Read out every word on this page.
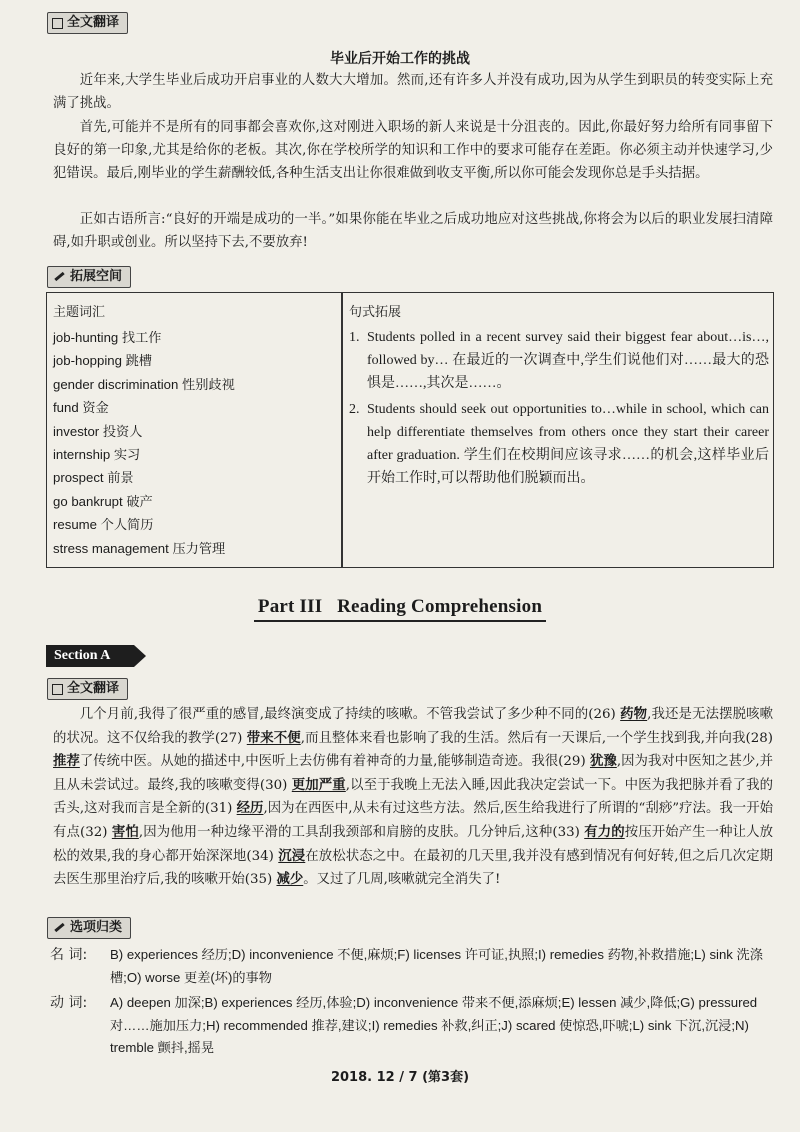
全文翻译
毕业后开始工作的挑战

近年来,大学生毕业后成功开启事业的人数大大增加。然而,还有许多人并没有成功,因为从学生到职员的转变实际上充满了挑战。

首先,可能并不是所有的同事都会喜欢你,这对刚进入职场的新人来说是十分沮丧的。因此,你最好努力给所有同事留下良好的第一印象,尤其是给你的老板。其次,你在学校所学的知识和工作中的要求可能存在差距。你必须主动并快速学习,少犯错误。最后,刚毕业的学生薪酬较低,各种生活支出让你很难做到收支平衡,所以你可能会发现你总是手头拮据。

正如古语所言:“良好的开端是成功的一半。”如果你能在毕业之后成功地应对这些挑战,你将会为以后的职业发展扫清障碍,如升职或创业。所以坚持下去,不要放弃!

拓展空间
主题词汇
job-hunting 找工作
job-hopping 跳槽
gender discrimination 性别歧视
fund 资金
investor 投资人
internship 实习
prospect 前景
go bankrupt 破产
resume 个人简历
stress management 压力管理
句式拓展
1. Students polled in a recent survey said their biggest fear about…is…, followed by… 在最近的一次调查中,学生们说他们对……最大的恐惧是……,其次是……。
2. Students should seek out opportunities to…while in school, which can help differentiate themselves from others once they start their career after graduation. 学生们在校期间应该寻求……的机会,这样毕业后开始工作时,可以帮助他们脱颖而出。
Part III   Reading Comprehension
Section A
全文翻译

几个月前,我得了很严重的感冒,最终演变成了持续的咳嗽。不管我尝试了多少种不同的(26) 药物,我还是无法摆脱咳嗽的状况。这不仅给我的教学(27) 带来不便,而且整体来看也影响了我的生活。然后有一天课后,一个学生找到我,并向我(28) 推荐了传统中医。从她的描述中,中医听上去仿佛有着神奇的力量,能够制造奇迹。我很(29) 犹豫,因为我对中医知之甚少,并且从未尝试过。最终,我的咳嗽变得(30) 更加严重,以至于我晚上无法入睡,因此我决定尝试一下。中医为我把脉并看了我的舌头,这对我而言是全新的(31) 经历,因为在西医中,从未有过这些方法。然后,医生给我进行了所谓的“刮痧”疗法。我一开始有点(32) 害怕,因为他用一种边缘平滑的工具刮我颈部和肩膀的皮肤。几分钟后,这种(33) 有力的按压开始产生一种让人放松的效果,我的身心都开始深深地(34) 沉浸在放松状态之中。在最初的几天里,我并没有感到情况有何好转,但之后几次定期去医生那里治疗后,我的咳嗽开始(35) 减少。又过了几周,咳嗽就完全消失了!

选项归类
名 词:	B) experiences 经历;D) inconvenience 不便,麻烦;F) licenses 许可证,执照;I) remedies 药物,补救措施;L) sink 洗涤槽;O) worse 更差(坏)的事物
动 词:	A) deepen 加深;B) experiences 经历,体验;D) inconvenience 带来不便,添麻烦;E) lessen 减少,降低;G) pressured 对……施加压力;H) recommended 推荐,建议;I) remedies 补救,纠正;J) scared 使惊恐,吓唬;L) sink 下沉,沉浸;N) tremble 颤抖,摇晃
2018. 12 / 7 (第3套)
